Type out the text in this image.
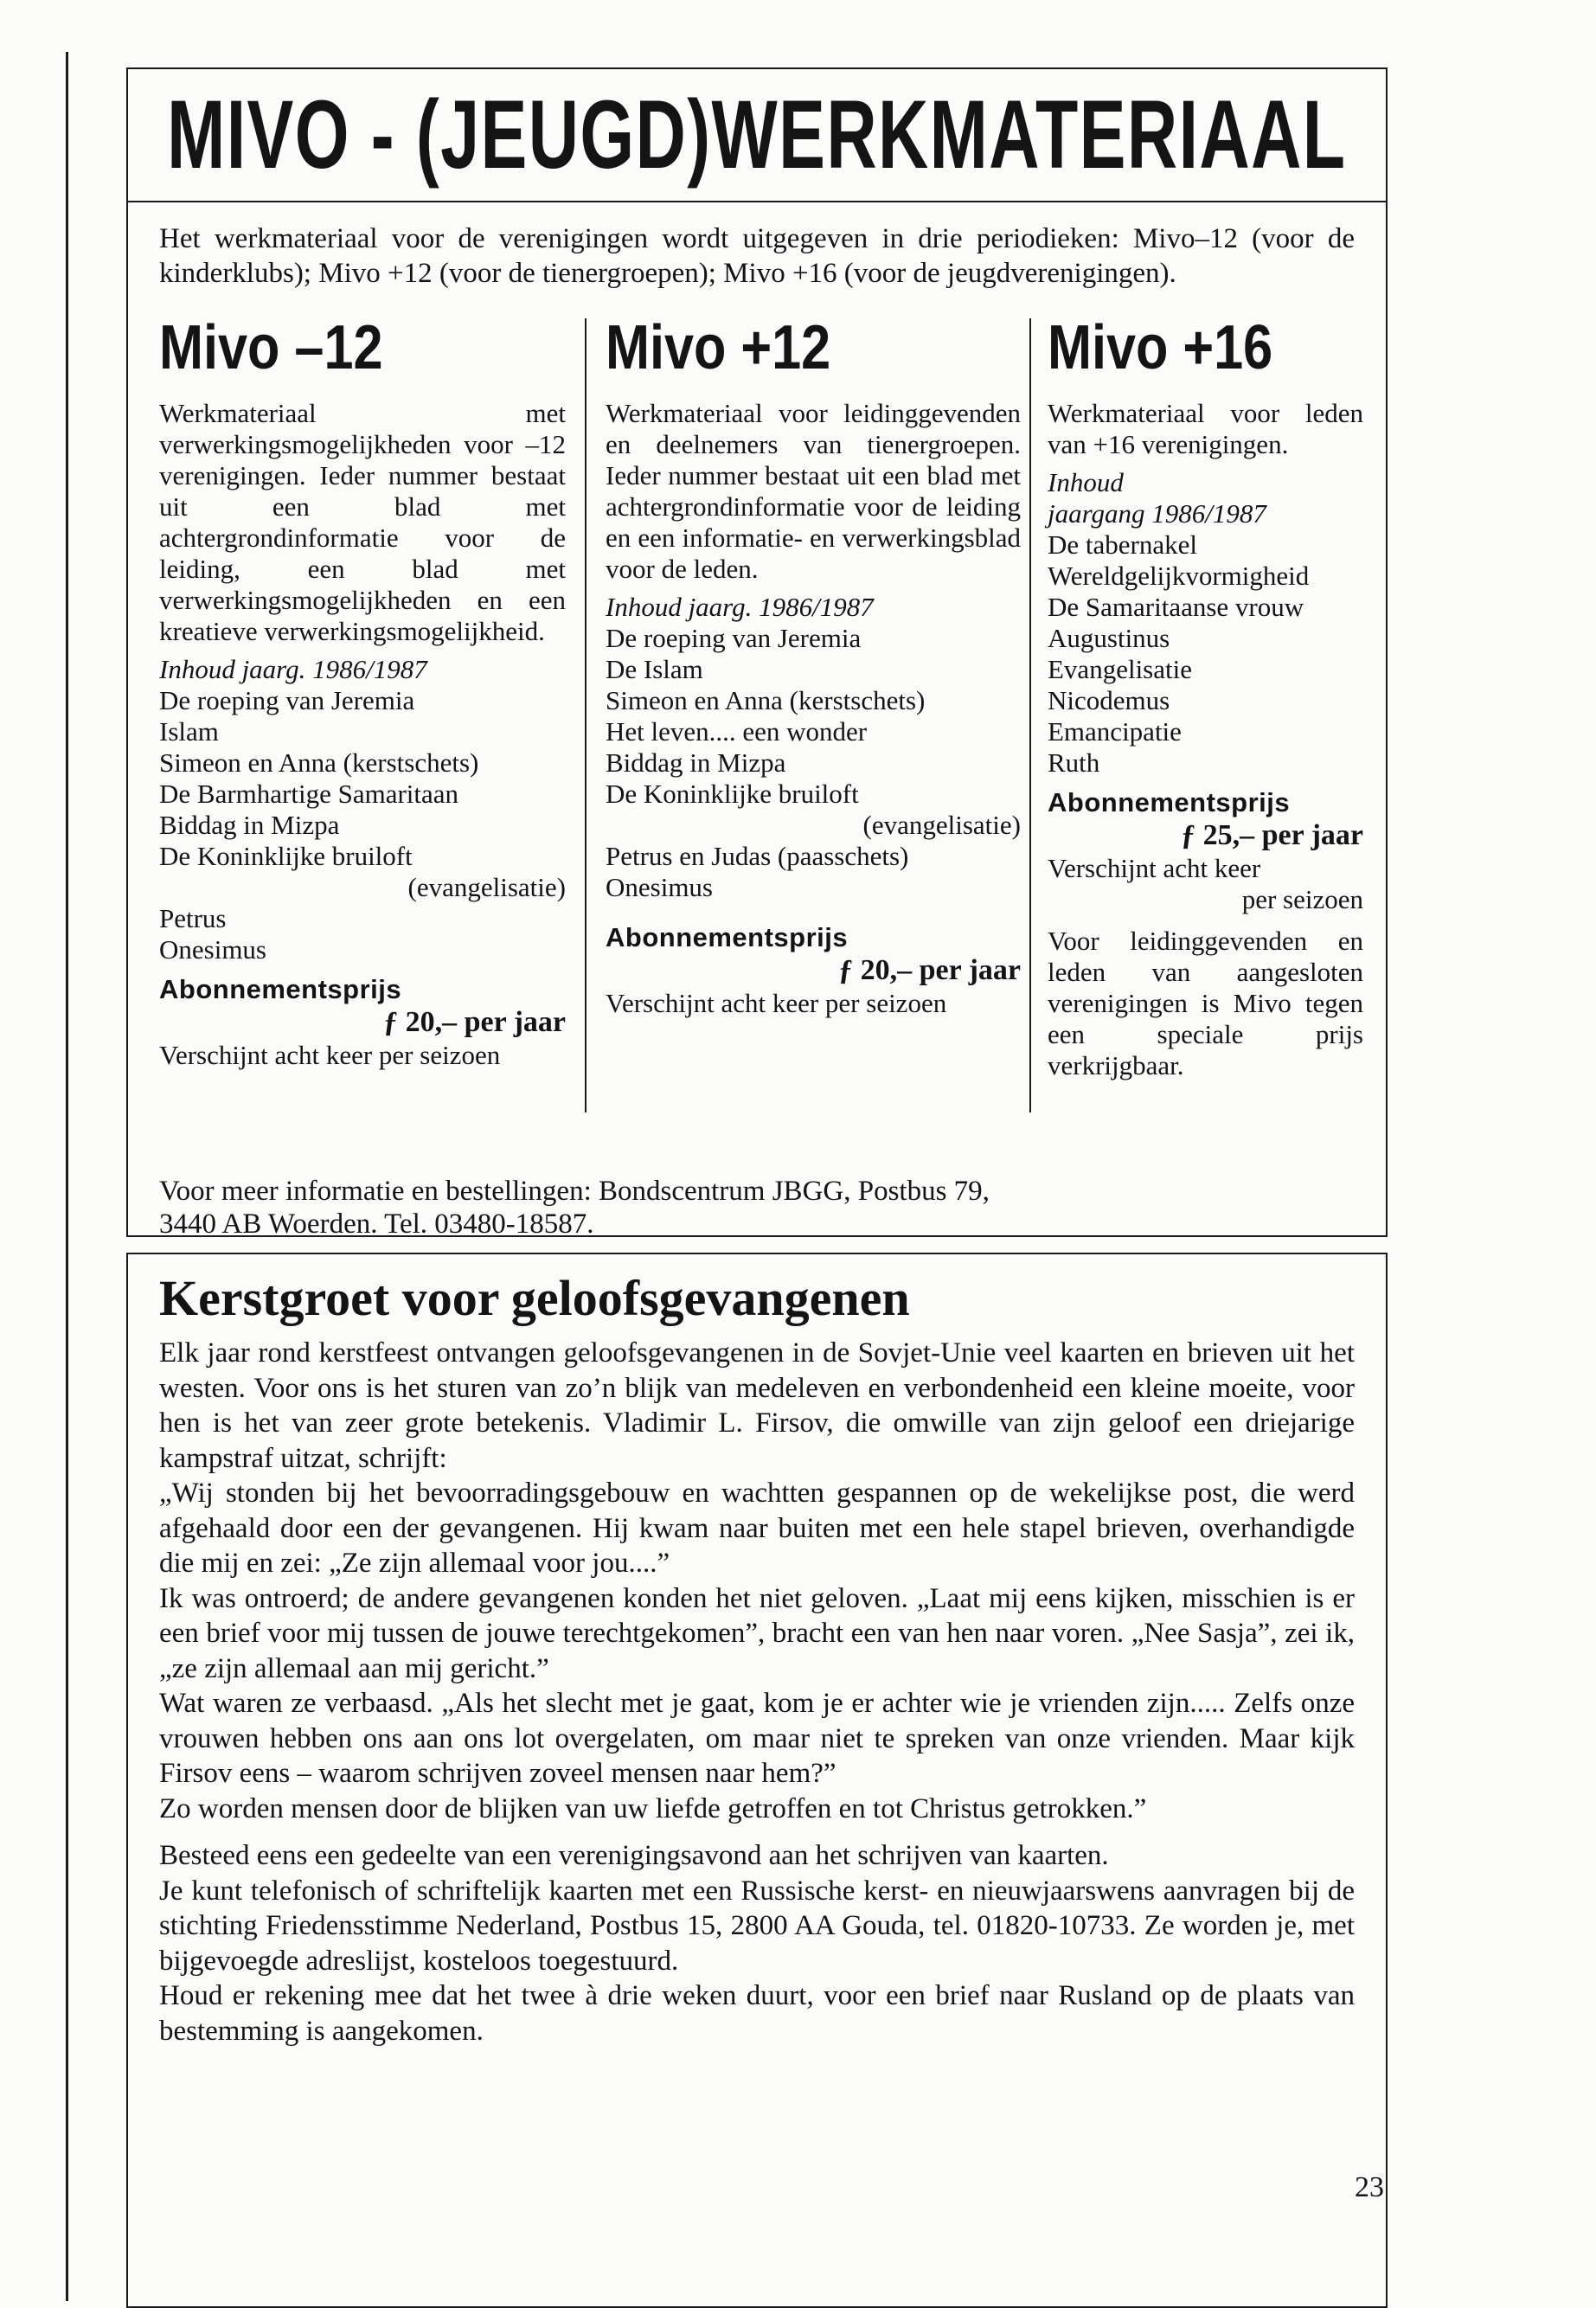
MIVO - (JEUGD)WERKMATERIAAL

Het werkmateriaal voor de verenigingen wordt uitgegeven in drie periodieken: Mivo–12 (voor de kinderklubs); Mivo +12 (voor de tienergroepen); Mivo +16 (voor de jeugdverenigingen).

Mivo –12

Werkmateriaal met verwerkingsmogelijkheden voor –12 verenigingen. Ieder nummer bestaat uit een blad met achtergrondinformatie voor de leiding, een blad met verwerkingsmogelijkheden en een kreatieve verwerkingsmogelijkheid.

Inhoud jaarg. 1986/1987

De roeping van Jeremia
Islam
Simeon en Anna (kerstschets)
De Barmhartige Samaritaan
Biddag in Mizpa
De Koninklijke bruiloft
(evangelisatie)
Petrus
Onesimus
Abonnementsprijs
ƒ 20,– per jaar
Verschijnt acht keer per seizoen
Mivo +12

Werkmateriaal voor leidinggevenden en deelnemers van tienergroepen. Ieder nummer bestaat uit een blad met achtergrondinformatie voor de leiding en een informatie- en verwerkingsblad voor de leden.

Inhoud jaarg. 1986/1987

De roeping van Jeremia
De Islam
Simeon en Anna (kerstschets)
Het leven.... een wonder
Biddag in Mizpa
De Koninklijke bruiloft
(evangelisatie)
Petrus en Judas (paasschets)
Onesimus
Abonnementsprijs
ƒ 20,– per jaar
Verschijnt acht keer per seizoen
Mivo +16

Werkmateriaal voor leden van +16 verenigingen.

Inhoud

jaargang 1986/1987

De tabernakel
Wereldgelijkvormigheid
De Samaritaanse vrouw
Augustinus
Evangelisatie
Nicodemus
Emancipatie
Ruth
Abonnementsprijs
ƒ 25,– per jaar
Verschijnt acht keer
per seizoen
Voor leidinggevenden en leden van aangesloten verenigingen is Mivo tegen een speciale prijs verkrijgbaar.
Voor meer informatie en bestellingen: Bondscentrum JBGG, Postbus 79,
3440 AB Woerden. Tel. 03480-18587.
Kerstgroet voor geloofsgevangenen

Elk jaar rond kerstfeest ontvangen geloofsgevangenen in de Sovjet-Unie veel kaarten en brieven uit het westen. Voor ons is het sturen van zo’n blijk van medeleven en verbondenheid een kleine moeite, voor hen is het van zeer grote betekenis. Vladimir L. Firsov, die omwille van zijn geloof een driejarige kampstraf uitzat, schrijft:

„Wij stonden bij het bevoorradingsgebouw en wachtten gespannen op de wekelijkse post, die werd afgehaald door een der gevangenen. Hij kwam naar buiten met een hele stapel brieven, overhandigde die mij en zei: „Ze zijn allemaal voor jou....”

Ik was ontroerd; de andere gevangenen konden het niet geloven. „Laat mij eens kijken, misschien is er een brief voor mij tussen de jouwe terechtgekomen”, bracht een van hen naar voren. „Nee Sasja”, zei ik, „ze zijn allemaal aan mij gericht.”

Wat waren ze verbaasd. „Als het slecht met je gaat, kom je er achter wie je vrienden zijn..... Zelfs onze vrouwen hebben ons aan ons lot overgelaten, om maar niet te spreken van onze vrienden. Maar kijk Firsov eens – waarom schrijven zoveel mensen naar hem?”

Zo worden mensen door de blijken van uw liefde getroffen en tot Christus getrokken.”

Besteed eens een gedeelte van een verenigingsavond aan het schrijven van kaarten.

Je kunt telefonisch of schriftelijk kaarten met een Russische kerst- en nieuwjaarswens aanvragen bij de stichting Friedensstimme Nederland, Postbus 15, 2800 AA Gouda, tel. 01820-10733. Ze worden je, met bijgevoegde adreslijst, kosteloos toegestuurd.

Houd er rekening mee dat het twee à drie weken duurt, voor een brief naar Rusland op de plaats van bestemming is aangekomen.

23
